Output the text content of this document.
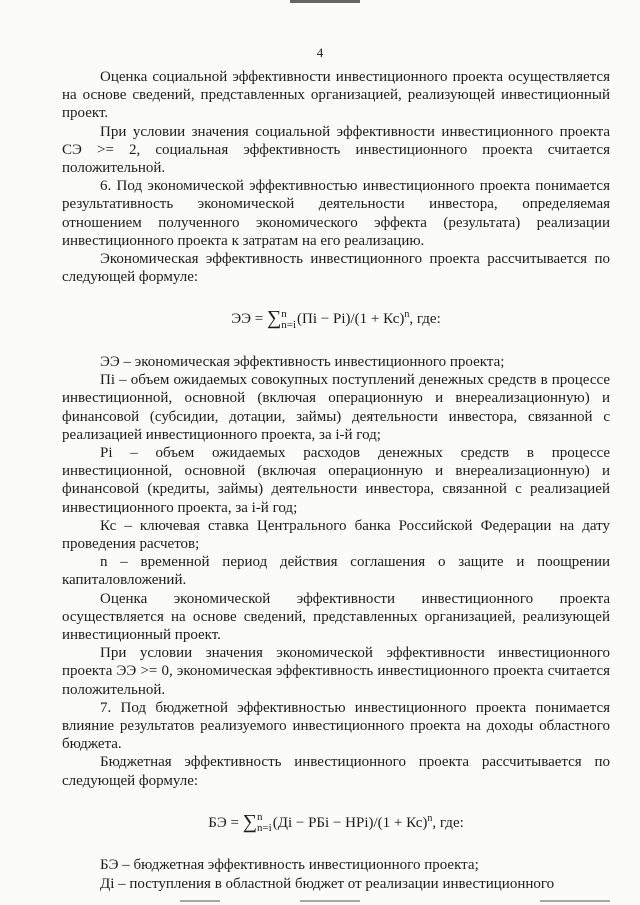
4

Оценка социальной эффективности инвестиционного проекта осуществляется на основе сведений, представленных организацией, реализующей инвестиционный проект.

При условии значения социальной эффективности инвестиционного проекта СЭ >= 2, социальная эффективность инвестиционного проекта считается положительной.

6. Под экономической эффективностью инвестиционного проекта понимается результативность экономической деятельности инвестора, определяемая отношением полученного экономического эффекта (результата) реализации инвестиционного проекта к затратам на его реализацию.

Экономическая эффективность инвестиционного проекта рассчитывается по следующей формуле:

ЭЭ = ∑n
n=i(Пi − Рi)/(1 + Кс)$^n$, где:

ЭЭ – экономическая эффективность инвестиционного проекта;

Пi – объем ожидаемых совокупных поступлений денежных средств в процессе инвестиционной, основной (включая операционную и внереализационную) и финансовой (субсидии, дотации, займы) деятельности инвестора, связанной с реализацией инвестиционного проекта, за i-й год;

Рi – объем ожидаемых расходов денежных средств в процессе инвестиционной, основной (включая операционную и внереализационную) и финансовой (кредиты, займы) деятельности инвестора, связанной с реализацией инвестиционного проекта, за i-й год;

Кс – ключевая ставка Центрального банка Российской Федерации на дату проведения расчетов;

n – временной период действия соглашения о защите и поощрении капиталовложений.

Оценка экономической эффективности инвестиционного проекта осуществляется на основе сведений, представленных организацией, реализующей инвестиционный проект.

При условии значения экономической эффективности инвестиционного проекта ЭЭ >= 0, экономическая эффективность инвестиционного проекта считается положительной.

7. Под бюджетной эффективностью инвестиционного проекта понимается влияние результатов реализуемого инвестиционного проекта на доходы областного бюджета.

Бюджетная эффективность инвестиционного проекта рассчитывается по следующей формуле:

БЭ = ∑n
n=i(Дi − РБi − НРi)/(1 + Кс)$^n$, где:

БЭ – бюджетная эффективность инвестиционного проекта;

Дi – поступления в областной бюджет от реализации инвестиционного
